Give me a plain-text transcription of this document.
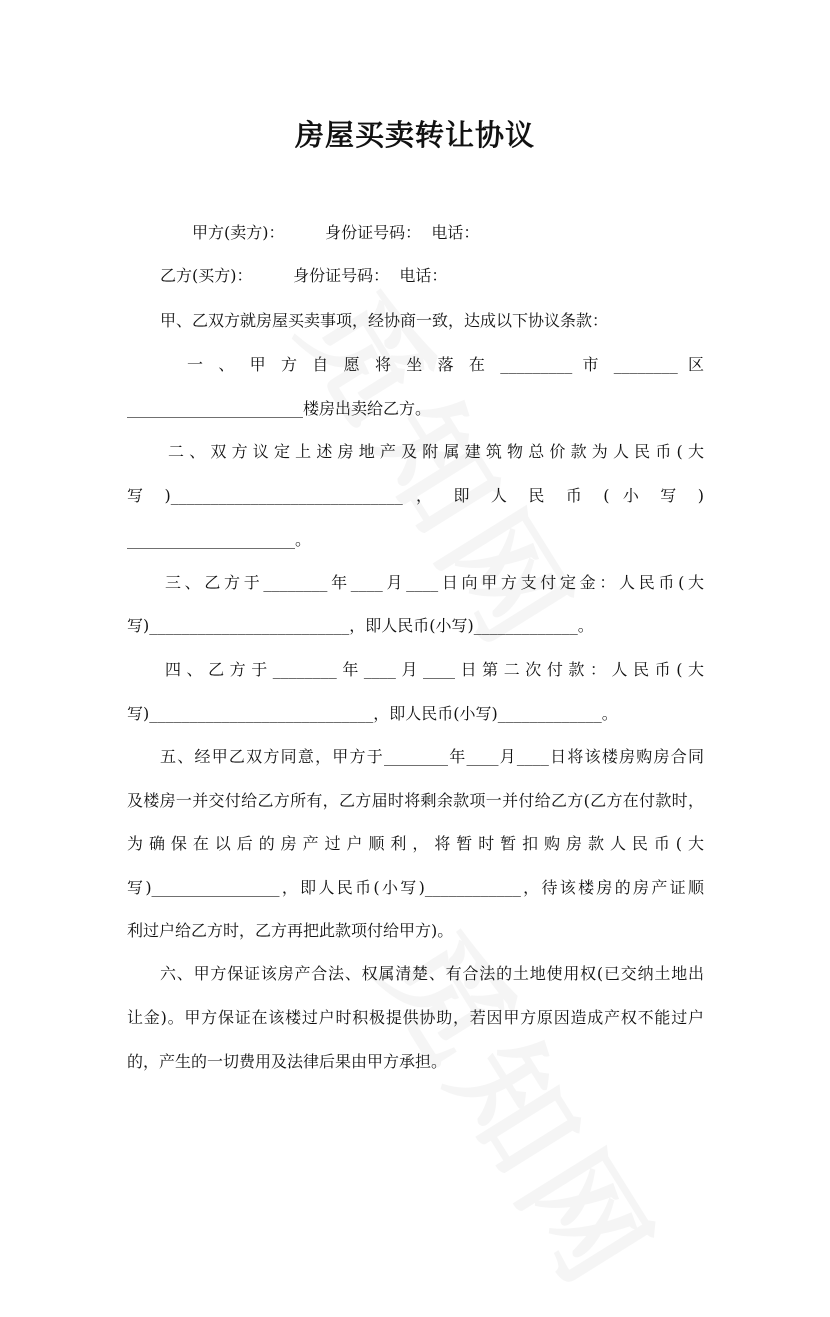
房屋买卖转让协议

甲方(卖方)：        身份证号码：  电话：

乙方(买方)：        身份证号码：  电话：

甲、乙双方就房屋买卖事项，经协商一致，达成以下协议条款：

一 、 甲 方 自 愿 将 坐 落 在 _________ 市 ________ 区

______________________楼房出卖给乙方。

二、双方议定上述房地产及附属建筑物总价款为人民币(大

写 )_____________________________ ， 即 人 民 币 ( 小 写 )

_____________________。

三、乙方于________年____月____日向甲方支付定金：人民币(大

写)_________________________，即人民币(小写)_____________。

四、乙方于________年____月____日第二次付款：人民币(大

写)____________________________，即人民币(小写)_____________。

五、经甲乙双方同意，甲方于________年____月____日将该楼房购房合同

及楼房一并交付给乙方所有，乙方届时将剩余款项一并付给乙方(乙方在付款时，

为确保在以后的房产过户顺利，将暂时暂扣购房款人民币(大

写)________________，即人民币(小写)____________，待该楼房的房产证顺

利过户给乙方时，乙方再把此款项付给甲方)。

六、甲方保证该房产合法、权属清楚、有合法的土地使用权(已交纳土地出

让金)。甲方保证在该楼过户时积极提供协助，若因甲方原因造成产权不能过户

的，产生的一切费用及法律后果由甲方承担。
